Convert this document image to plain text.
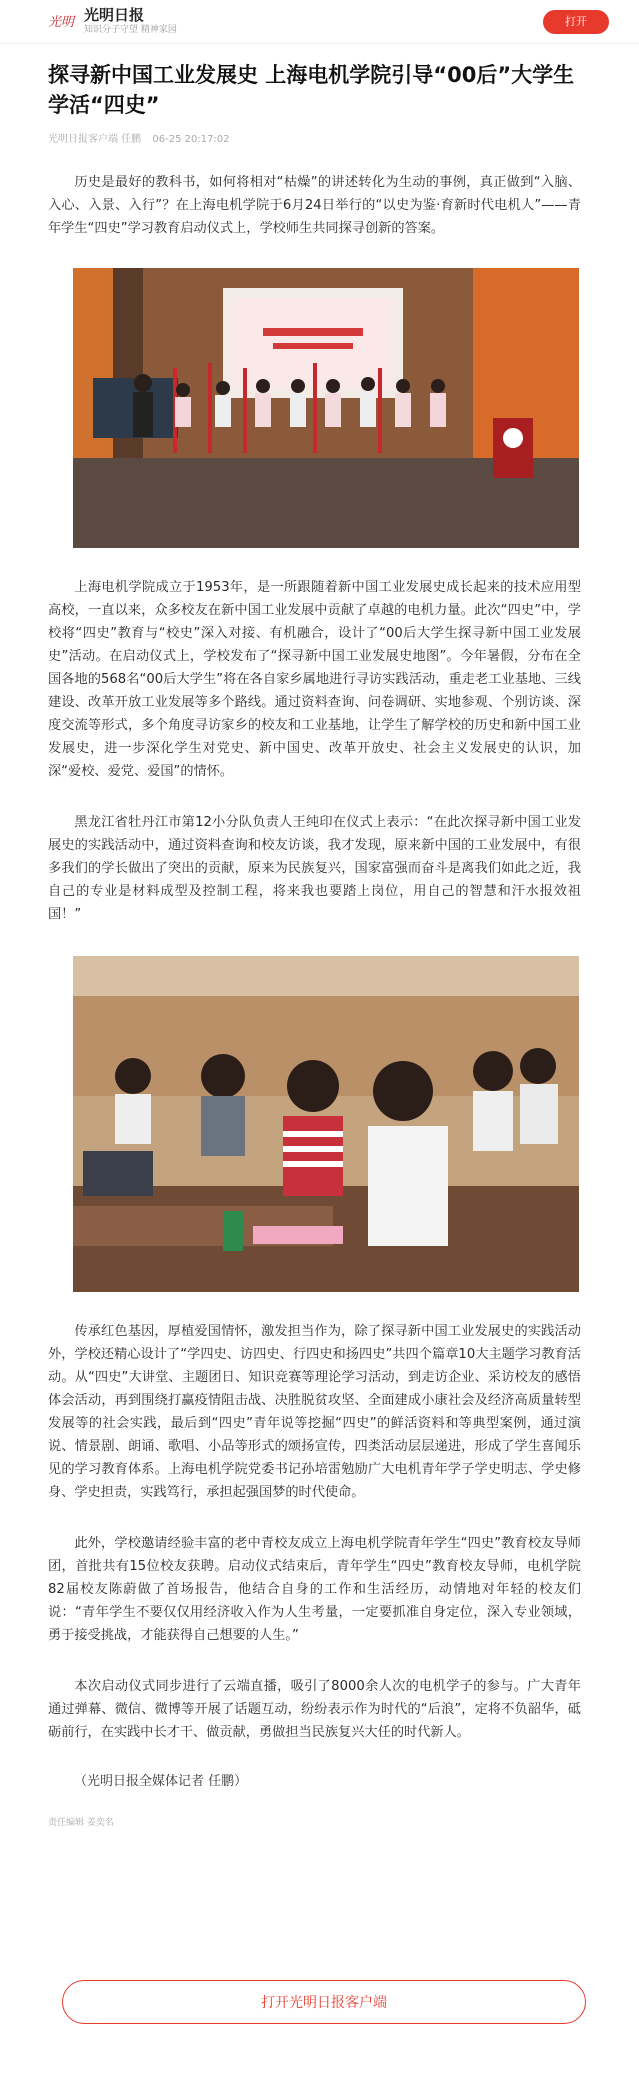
光明 光明日报
知识分子守望 精神家园
打开
探寻新中国工业发展史 上海电机学院引导“00后”大学生学活“四史”
光明日报客户端 任鹏 06-25 20:17:02

历史是最好的教科书，如何将相对“枯燥”的讲述转化为生动的事例，真正做到“入脑、入心、入景、入行”？在上海电机学院于6月24日举行的“以史为鉴·育新时代电机人”——青年学生“四史”学习教育启动仪式上，学校师生共同探寻创新的答案。

上海电机学院成立于1953年，是一所跟随着新中国工业发展史成长起来的技术应用型高校，一直以来，众多校友在新中国工业发展中贡献了卓越的电机力量。此次“四史”中，学校将“四史”教育与“校史”深入对接、有机融合，设计了“00后大学生探寻新中国工业发展史”活动。在启动仪式上，学校发布了“探寻新中国工业发展史地图”。今年暑假，分布在全国各地的568名“00后大学生”将在各自家乡属地进行寻访实践活动，重走老工业基地、三线建设、改革开放工业发展等多个路线。通过资料查询、问卷调研、实地参观、个别访谈、深度交流等形式，多个角度寻访家乡的校友和工业基地，让学生了解学校的历史和新中国工业发展史，进一步深化学生对党史、新中国史、改革开放史、社会主义发展史的认识，加深“爱校、爱党、爱国”的情怀。

黑龙江省牡丹江市第12小分队负责人王纯印在仪式上表示：“在此次探寻新中国工业发展史的实践活动中，通过资料查询和校友访谈，我才发现，原来新中国的工业发展中，有很多我们的学长做出了突出的贡献，原来为民族复兴，国家富强而奋斗是离我们如此之近，我自己的专业是材料成型及控制工程，将来我也要踏上岗位，用自己的智慧和汗水报效祖国！”

传承红色基因，厚植爱国情怀，激发担当作为，除了探寻新中国工业发展史的实践活动外，学校还精心设计了“学四史、访四史、行四史和扬四史”共四个篇章10大主题学习教育活动。从“四史”大讲堂、主题团日、知识竞赛等理论学习活动，到走访企业、采访校友的感悟体会活动，再到围绕打赢疫情阻击战、决胜脱贫攻坚、全面建成小康社会及经济高质量转型发展等的社会实践，最后到“四史”青年说等挖掘“四史”的鲜活资料和等典型案例，通过演说、情景剧、朗诵、歌唱、小品等形式的颂扬宣传，四类活动层层递进，形成了学生喜闻乐见的学习教育体系。上海电机学院党委书记孙培雷勉励广大电机青年学子学史明志、学史修身、学史担责，实践笃行，承担起强国梦的时代使命。

此外，学校邀请经验丰富的老中青校友成立上海电机学院青年学生“四史”教育校友导师团，首批共有15位校友获聘。启动仪式结束后，青年学生“四史”教育校友导师，电机学院82届校友陈蔚做了首场报告，他结合自身的工作和生活经历，动情地对年轻的校友们说：“青年学生不要仅仅用经济收入作为人生考量，一定要抓准自身定位，深入专业领域，勇于接受挑战，才能获得自己想要的人生。”

本次启动仪式同步进行了云端直播，吸引了8000余人次的电机学子的参与。广大青年通过弹幕、微信、微博等开展了话题互动，纷纷表示作为时代的“后浪”，定将不负韶华，砥砺前行，在实践中长才干、做贡献，勇做担当民族复兴大任的时代新人。

（光明日报全媒体记者 任鹏）

责任编辑 姜奕名

打开光明日报客户端
